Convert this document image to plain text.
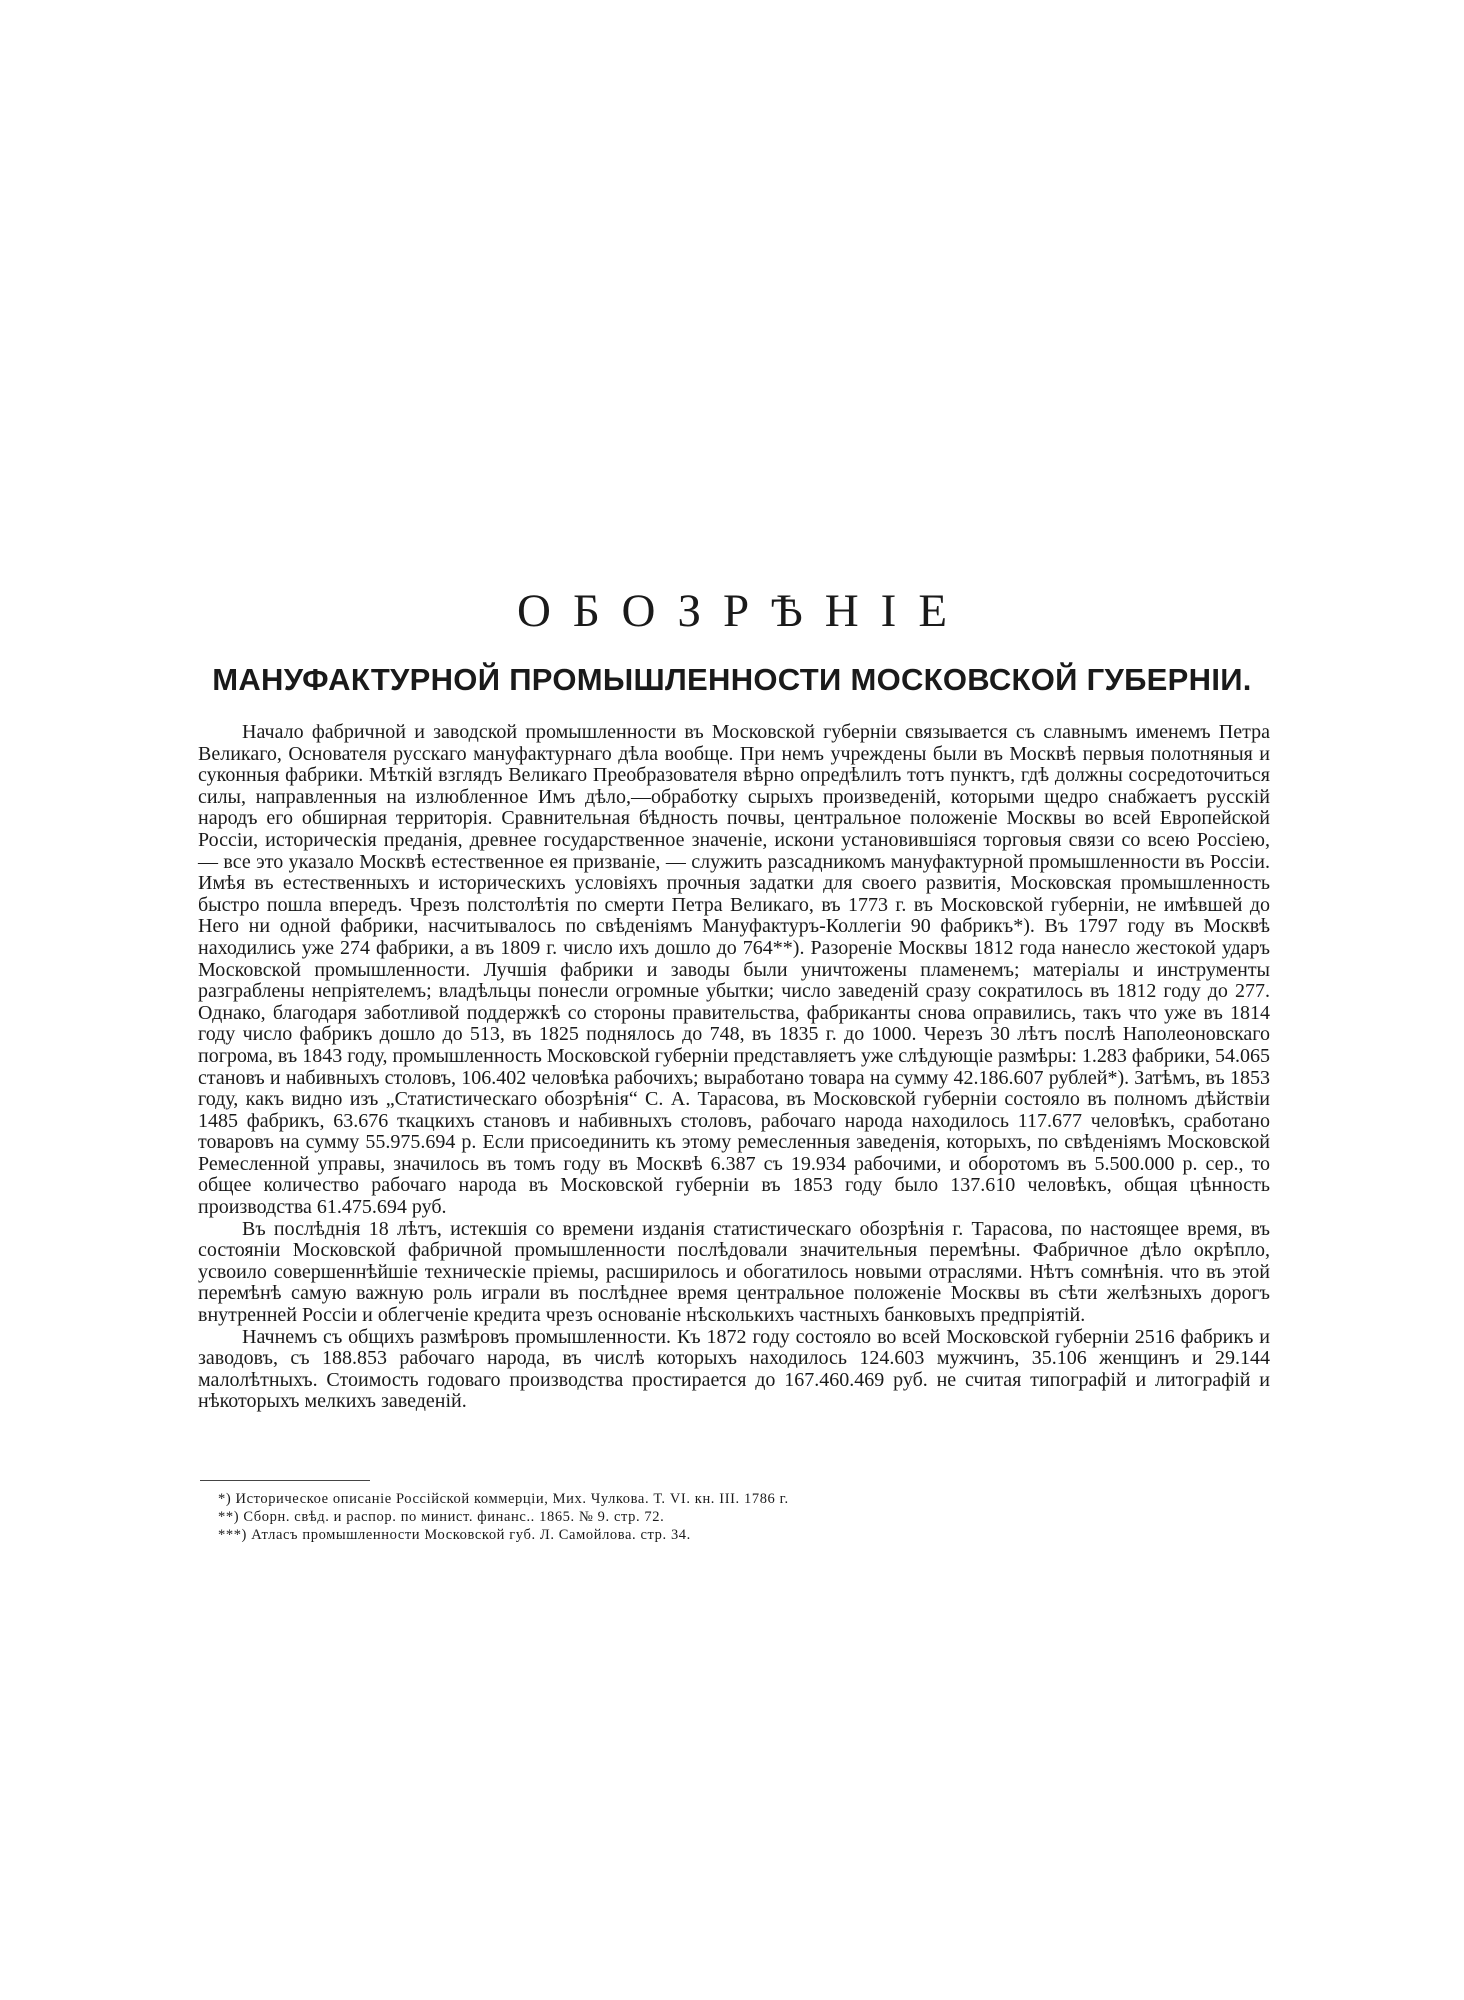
ОБОЗРѢНІЕ
МАНУФАКТУРНОЙ ПРОМЫШЛЕННОСТИ МОСКОВСКОЙ ГУБЕРНІИ.

Начало фабричной и заводской промышленности въ Московской губерніи связывается съ славнымъ именемъ Петра Великаго, Основателя русскаго мануфактурнаго дѣла вообще. При немъ учреждены были въ Москвѣ первыя полотняныя и суконныя фабрики. Мѣткій взглядъ Великаго Преобразователя вѣрно опредѣлилъ тотъ пунктъ, гдѣ должны сосредоточиться силы, направленныя на излюбленное Имъ дѣло,—обработку сырыхъ произведеній, которыми щедро снабжаетъ русскій народъ его обширная территорія. Сравнительная бѣдность почвы, центральное положеніе Москвы во всей Европейской Россіи, историческія преданія, древнее государственное значеніе, искони установившіяся торговыя связи со всею Россіею, — все это указало Москвѣ естественное ея призваніе, — служить разсадникомъ мануфактурной промышленности въ Россіи. Имѣя въ естественныхъ и историческихъ условіяхъ прочныя задатки для своего развитія, Московская промышленность быстро пошла впередъ. Чрезъ полстолѣтія по смерти Петра Великаго, въ 1773 г. въ Московской губерніи, не имѣвшей до Него ни одной фабрики, насчитывалось по свѣденіямъ Мануфактуръ-Коллегіи 90 фабрикъ*). Въ 1797 году въ Москвѣ находились уже 274 фабрики, а въ 1809 г. число ихъ дошло до 764**). Разореніе Москвы 1812 года нанесло жестокой ударъ Московской промышленности. Лучшія фабрики и заводы были уничтожены пламенемъ; матеріалы и инструменты разграблены непріятелемъ; владѣльцы понесли огромные убытки; число заведеній сразу сократилось въ 1812 году до 277. Однако, благодаря заботливой поддержкѣ со стороны правительства, фабриканты снова оправились, такъ что уже въ 1814 году число фабрикъ дошло до 513, въ 1825 поднялось до 748, въ 1835 г. до 1000. Черезъ 30 лѣтъ послѣ Наполеоновскаго погрома, въ 1843 году, промышленность Московской губерніи представляетъ уже слѣдующіе размѣры: 1.283 фабрики, 54.065 становъ и набивныхъ столовъ, 106.402 человѣка рабочихъ; выработано товара на сумму 42.186.607 рублей*). Затѣмъ, въ 1853 году, какъ видно изъ „Статистическаго обозрѣнія“ С. А. Тарасова, въ Московской губерніи состояло въ полномъ дѣйствіи 1485 фабрикъ, 63.676 ткацкихъ становъ и набивныхъ столовъ, рабочаго народа находилось 117.677 человѣкъ, сработано товаровъ на сумму 55.975.694 р. Если присоединить къ этому ремесленныя заведенія, которыхъ, по свѣденіямъ Московской Ремесленной управы, значилось въ томъ году въ Москвѣ 6.387 съ 19.934 рабочими, и оборотомъ въ 5.500.000 р. сер., то общее количество рабочаго народа въ Московской губерніи въ 1853 году было 137.610 человѣкъ, общая цѣнность производства 61.475.694 руб.

Въ послѣднія 18 лѣтъ, истекшія со времени изданія статистическаго обозрѣнія г. Тарасова, по настоящее время, въ состояніи Московской фабричной промышленности послѣдовали значительныя перемѣны. Фабричное дѣло окрѣпло, усвоило совершеннѣйшіе техническіе пріемы, расширилось и обогатилось новыми отраслями. Нѣтъ сомнѣнія. что въ этой перемѣнѣ самую важную роль играли въ послѣднее время центральное положеніе Москвы въ сѣти желѣзныхъ дорогъ внутренней Россіи и облегченіе кредита чрезъ основаніе нѣсколькихъ частныхъ банковыхъ предпріятій.

Начнемъ съ общихъ размѣровъ промышленности. Къ 1872 году состояло во всей Московской губерніи 2516 фабрикъ и заводовъ, съ 188.853 рабочаго народа, въ числѣ которыхъ находилось 124.603 мужчинъ, 35.106 женщинъ и 29.144 малолѣтныхъ. Стоимость годоваго производства простирается до 167.460.469 руб. не считая типографій и литографій и нѣкоторыхъ мелкихъ заведеній.

*) Историческое описаніе Россійской коммерціи, Мих. Чулкова. Т. VI. кн. III. 1786 г.
**) Сборн. свѣд. и распор. по минист. финанс.. 1865. № 9. стр. 72.
***) Атласъ промышленности Московской губ. Л. Самойлова. стр. 34.
